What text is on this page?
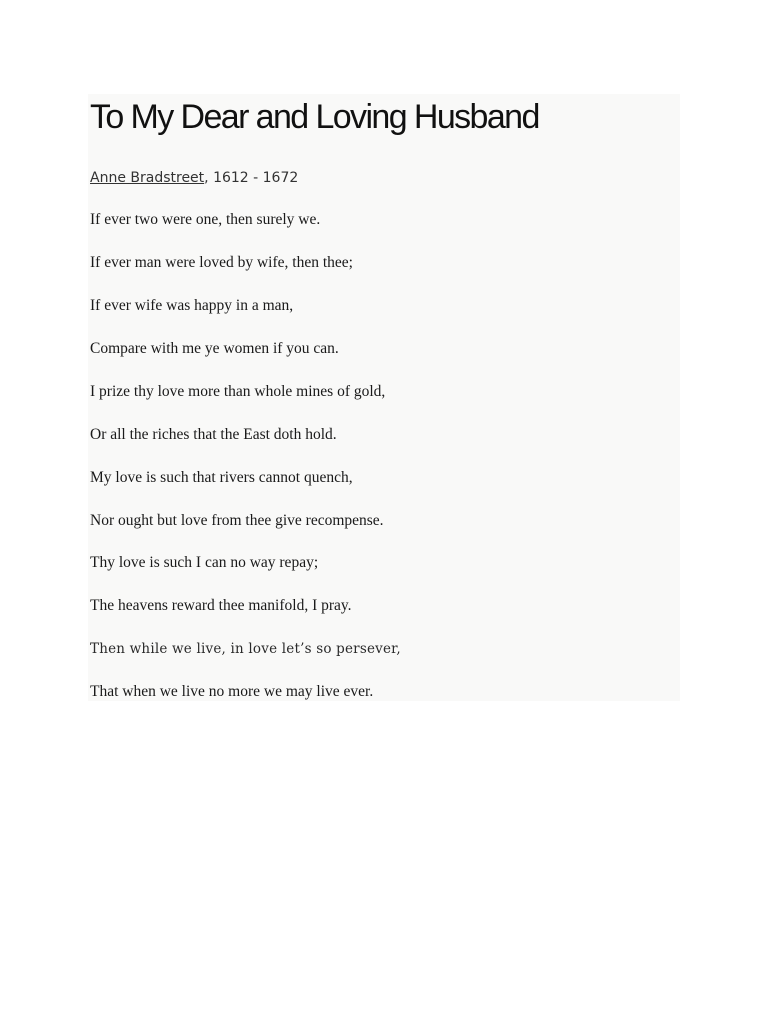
To My Dear and Loving Husband
Anne Bradstreet, 1612 - 1672

If ever two were one, then surely we.

If ever man were loved by wife, then thee;

If ever wife was happy in a man,

Compare with me ye women if you can.

I prize thy love more than whole mines of gold,

Or all the riches that the East doth hold.

My love is such that rivers cannot quench,

Nor ought but love from thee give recompense.

Thy love is such I can no way repay;

The heavens reward thee manifold, I pray.

Then while we live, in love let’s so persever,

That when we live no more we may live ever.
